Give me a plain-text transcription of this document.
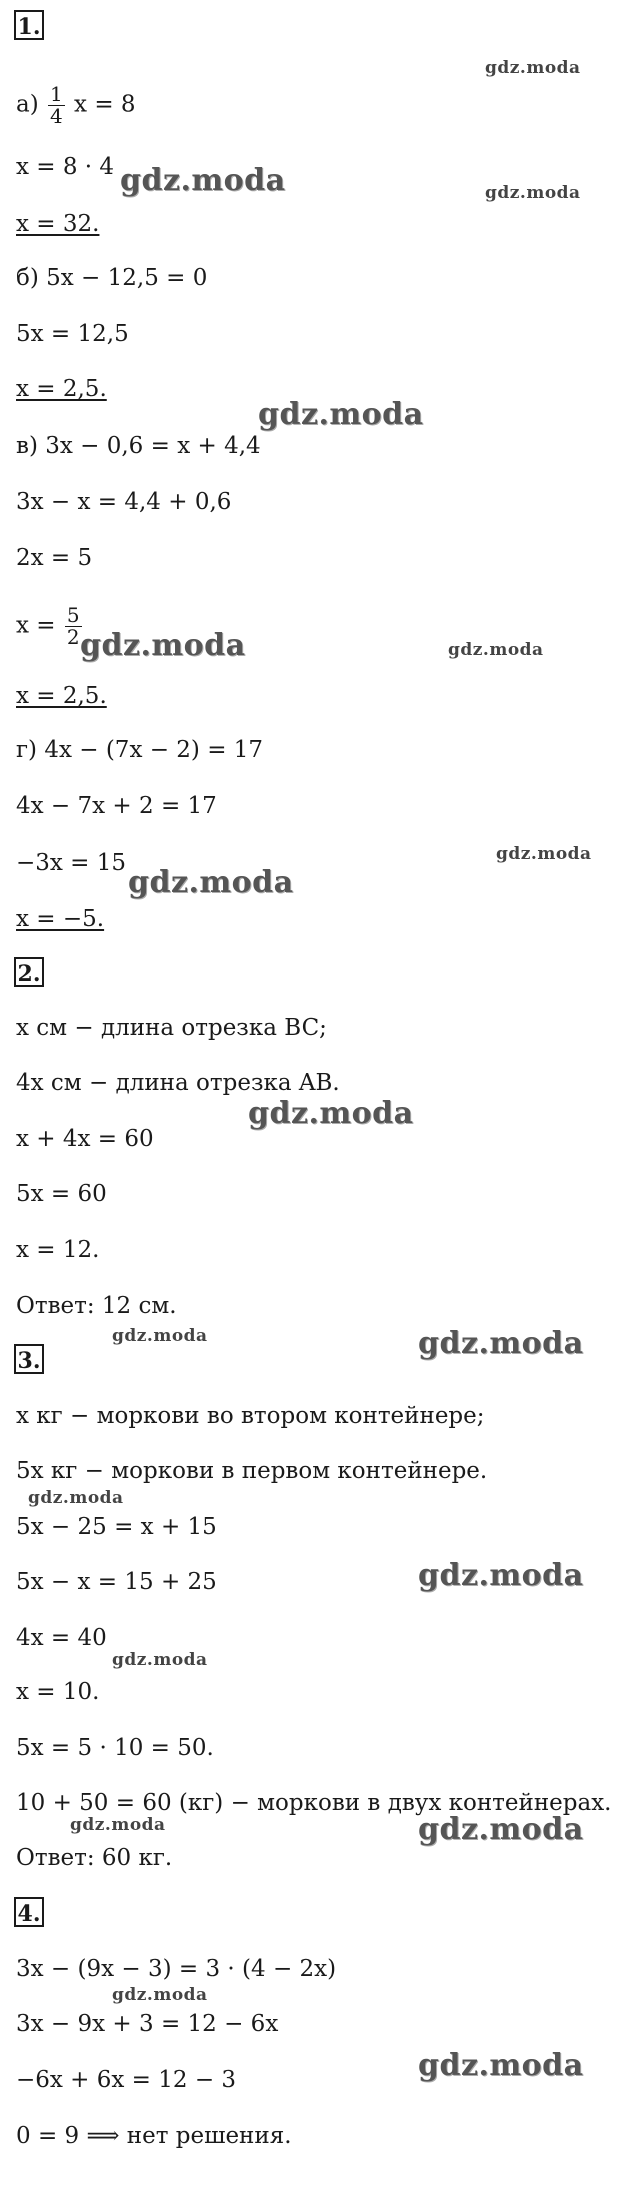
1.
$а) \frac{1}{4}$ x = 8
x = 8 · 4
x = 32.
б) 5x − 12,5 = 0
5x = 12,5
x = 2,5.
в) 3x − 0,6 = x + 4,4
3x − x = 4,4 + 0,6
2x = 5
$x = \frac{5}{2}$
x = 2,5.
г) 4x − (7x − 2) = 17
4x − 7x + 2 = 17
−3x = 15
x = −5.
2.
x см − длина отрезка BC;
4x см − длина отрезка AB.
x + 4x = 60
5x = 60
x = 12.
Ответ: 12 см.
3.
x кг − моркови во втором контейнере;
5x кг − моркови в первом контейнере.
5x − 25 = x + 15
5x − x = 15 + 25
4x = 40
x = 10.
5x = 5 · 10 = 50.
10 + 50 = 60 (кг) − моркови в двух контейнерах.
Ответ: 60 кг.
4.
3x − (9x − 3) = 3 · (4 − 2x)
3x − 9x + 3 = 12 − 6x
−6x + 6x = 12 − 3
0 = 9 ⟹ нет решения.
gdz.moda
gdz.moda	gdz.moda
gdz.moda
gdz.moda	gdz.moda
gdz.moda
gdz.moda
gdz.moda
gdz.moda	gdz.moda
gdz.moda
gdz.moda
gdz.moda
gdz.moda	gdz.moda
gdz.moda
gdz.moda
